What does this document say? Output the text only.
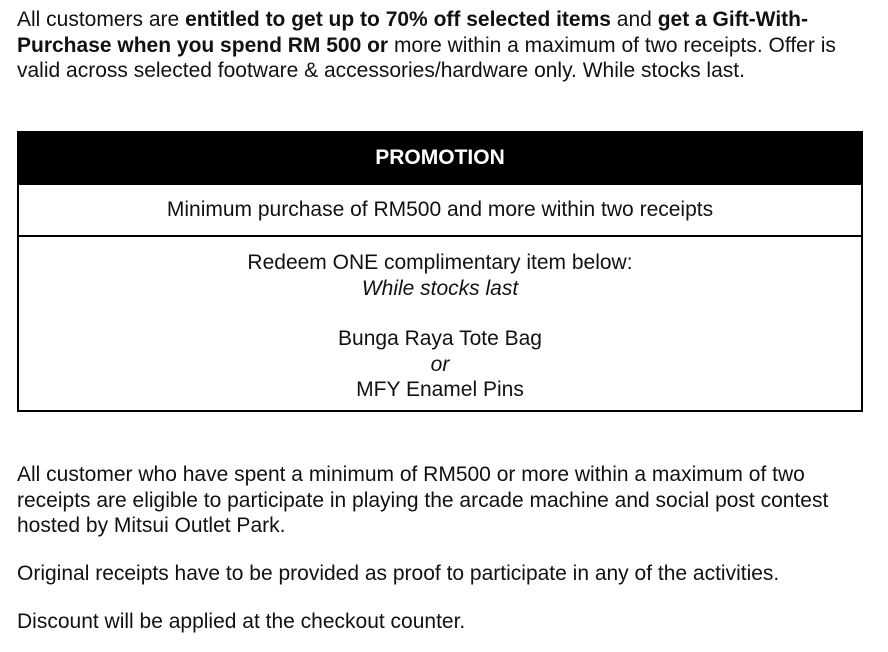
All customers are entitled to get up to 70% off selected items and get a Gift-With-Purchase when you spend RM 500 or more within a maximum of two receipts. Offer is valid across selected footware & accessories/hardware only. While stocks last.

PROMOTION
Minimum purchase of RM500 and more within two receipts
Redeem ONE complimentary item below:
While stocks last
Bunga Raya Tote Bag
or
MFY Enamel Pins

All customer who have spent a minimum of RM500 or more within a maximum of two receipts are eligible to participate in playing the arcade machine and social post contest hosted by Mitsui Outlet Park.

Original receipts have to be provided as proof to participate in any of the activities.

Discount will be applied at the checkout counter.
